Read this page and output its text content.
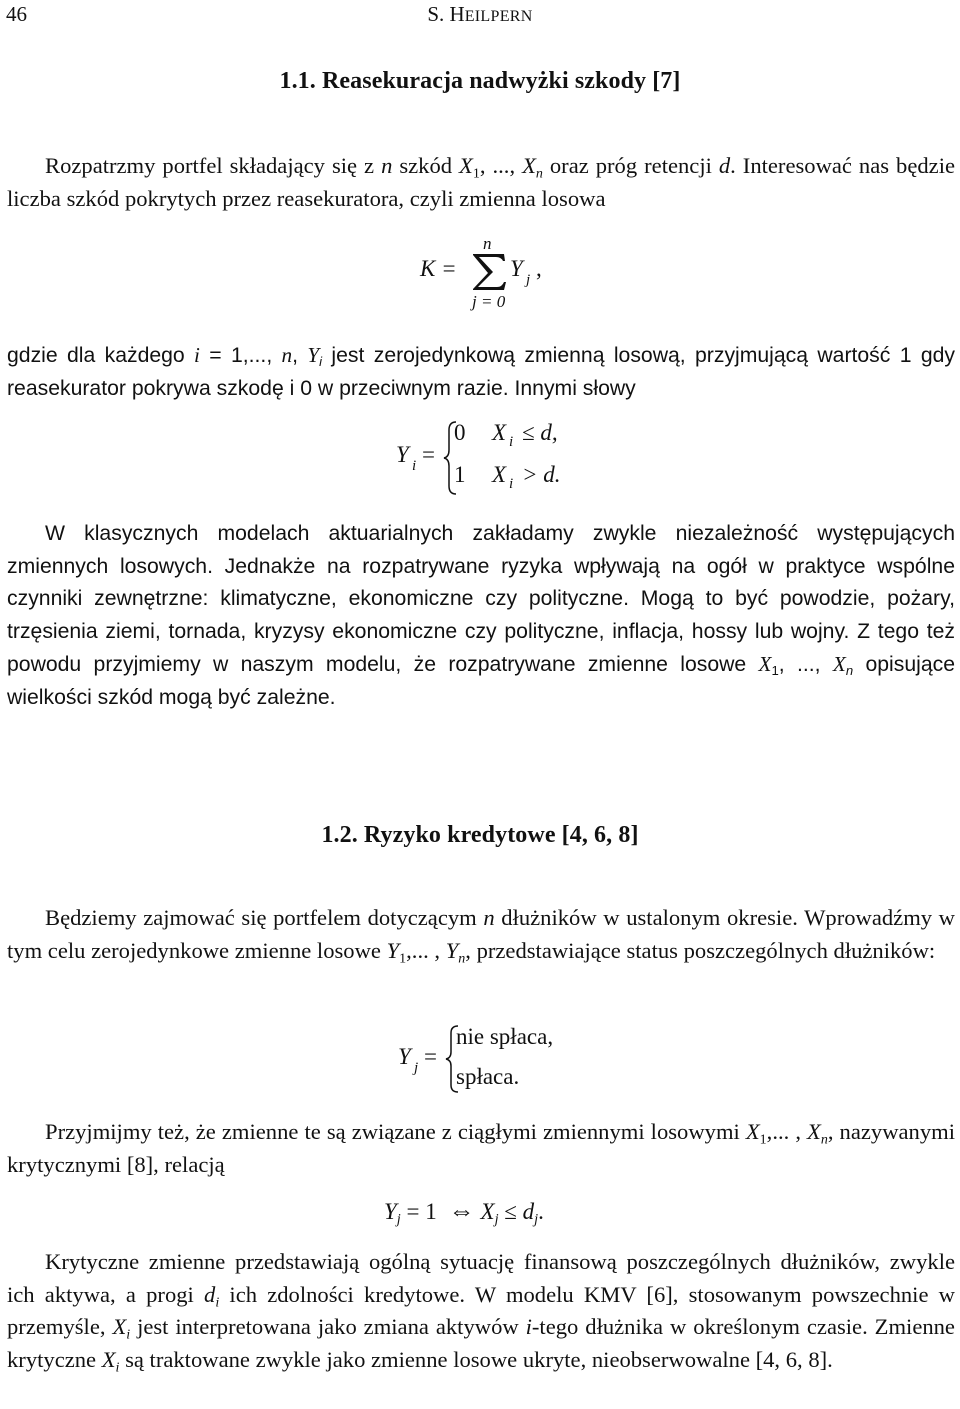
46	S. HEILPERN
1.1. Reasekuracja nadwyżki szkody [7]

Rozpatrzmy portfel składający się z n szkód $X_1$, ..., $X_n$ oraz próg retencji d. Interesować nas będzie liczba szkód pokrytych przez reasekuratora, czyli zmienna losowa

K =
n
j = 0
Y j ,

gdzie dla każdego i = 1,..., n, $Y_i$ jest zerojedynkową zmienną losową, przyjmującą wartość 1 gdy reasekurator pokrywa szkodę i 0 w przeciwnym razie. Innymi słowy

Y i =
0 X i ≤ d,
1 X i > d.

W klasycznych modelach aktuarialnych zakładamy zwykle niezależność występujących zmiennych losowych. Jednakże na rozpatrywane ryzyka wpływają na ogół w praktyce wspólne czynniki zewnętrzne: klimatyczne, ekonomiczne czy polityczne. Mogą to być powodzie, pożary, trzęsienia ziemi, tornada, kryzysy ekonomiczne czy polityczne, inflacja, hossy lub wojny. Z tego też powodu przyjmiemy w naszym modelu, że rozpatrywane zmienne losowe $X_1$, ..., $X_n$ opisujące wielkości szkód mogą być zależne.

1.2. Ryzyko kredytowe [4, 6, 8]

Będziemy zajmować się portfelem dotyczącym n dłużników w ustalonym okresie. Wprowadźmy w tym celu zerojedynkowe zmienne losowe $Y_1$,... , $Y_n$, przedstawiające status poszczególnych dłużników:

Y j =
nie spłaca,
spłaca.

Przyjmijmy też, że zmienne te są związane z ciągłymi zmiennymi losowymi $X_1$,... , $X_n$, nazywanymi krytycznymi [8], relacją

$Y_j = 1$ ⇔ $X_j \le d_j$.

Krytyczne zmienne przedstawiają ogólną sytuację finansową poszczególnych dłużników, zwykle ich aktywa, a progi $d_i$ ich zdolności kredytowe. W modelu KMV [6], stosowanym powszechnie w przemyśle, $X_i$ jest interpretowana jako zmiana aktywów i-tego dłużnika w określonym czasie. Zmienne krytyczne $X_i$ są traktowane zwykle jako zmienne losowe ukryte, nieobserwowalne [4, 6, 8].
